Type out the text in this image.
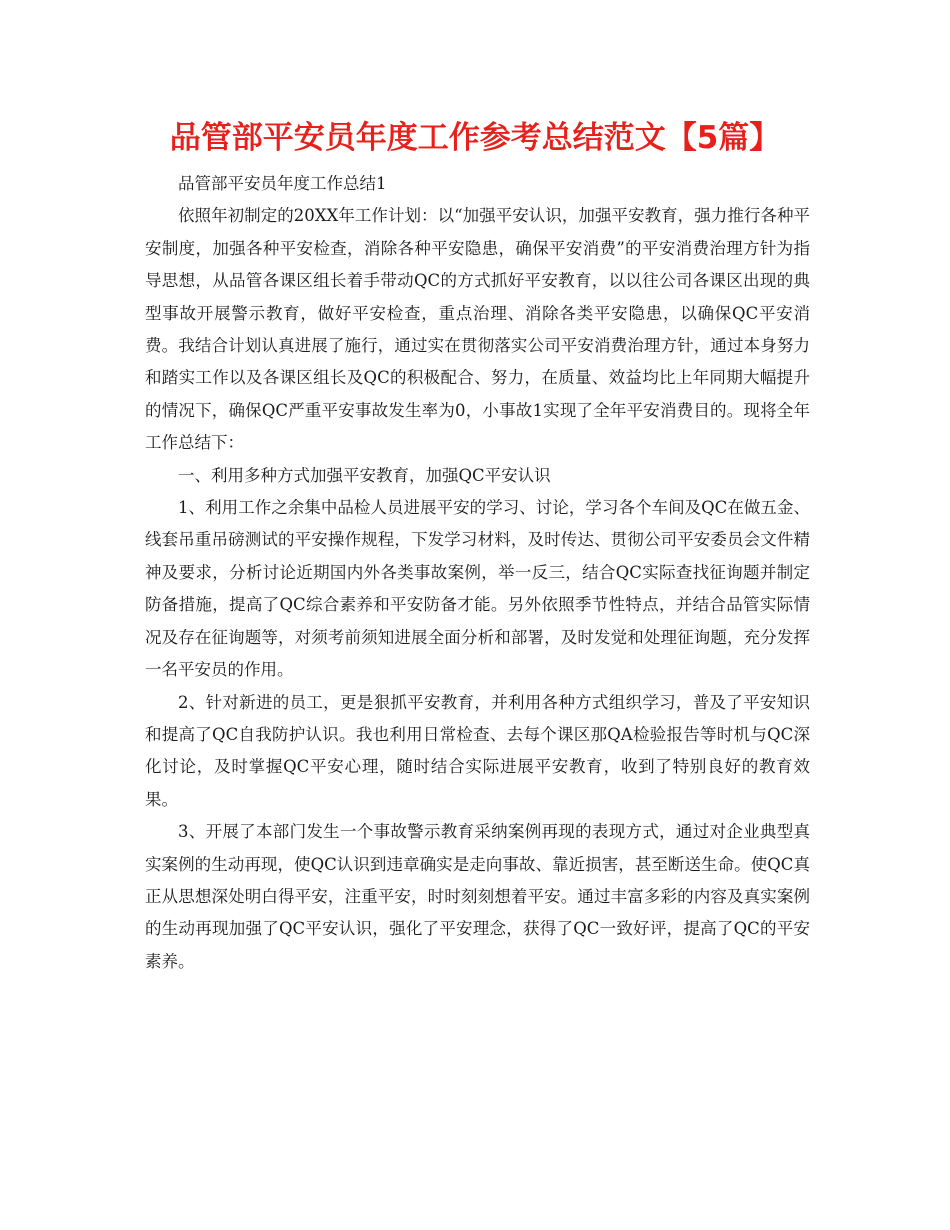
品管部平安员年度工作参考总结范文【5篇】

品管部平安员年度工作总结1

依照年初制定的20XX年工作计划：以“加强平安认识，加强平安教育，强力推行各种平安制度，加强各种平安检查，消除各种平安隐患，确保平安消费”的平安消费治理方针为指导思想，从品管各课区组长着手带动QC的方式抓好平安教育，以以往公司各课区出现的典型事故开展警示教育，做好平安检查，重点治理、消除各类平安隐患，以确保QC平安消费。我结合计划认真进展了施行，通过实在贯彻落实公司平安消费治理方针，通过本身努力和踏实工作以及各课区组长及QC的积极配合、努力，在质量、效益均比上年同期大幅提升的情况下，确保QC严重平安事故发生率为0，小事故1实现了全年平安消费目的。现将全年工作总结下：

一、利用多种方式加强平安教育，加强QC平安认识

1、利用工作之余集中品检人员进展平安的学习、讨论，学习各个车间及QC在做五金、线套吊重吊磅测试的平安操作规程，下发学习材料，及时传达、贯彻公司平安委员会文件精神及要求，分析讨论近期国内外各类事故案例，举一反三，结合QC实际查找征询题并制定防备措施，提高了QC综合素养和平安防备才能。另外依照季节性特点，并结合品管实际情况及存在征询题等，对须考前须知进展全面分析和部署，及时发觉和处理征询题，充分发挥一名平安员的作用。

2、针对新进的员工，更是狠抓平安教育，并利用各种方式组织学习，普及了平安知识和提高了QC自我防护认识。我也利用日常检查、去每个课区那QA检验报告等时机与QC深化讨论，及时掌握QC平安心理，随时结合实际进展平安教育，收到了特别良好的教育效果。

3、开展了本部门发生一个事故警示教育采纳案例再现的表现方式，通过对企业典型真实案例的生动再现，使QC认识到违章确实是走向事故、靠近损害，甚至断送生命。使QC真正从思想深处明白得平安，注重平安，时时刻刻想着平安。通过丰富多彩的内容及真实案例的生动再现加强了QC平安认识，强化了平安理念，获得了QC一致好评，提高了QC的平安素养。
